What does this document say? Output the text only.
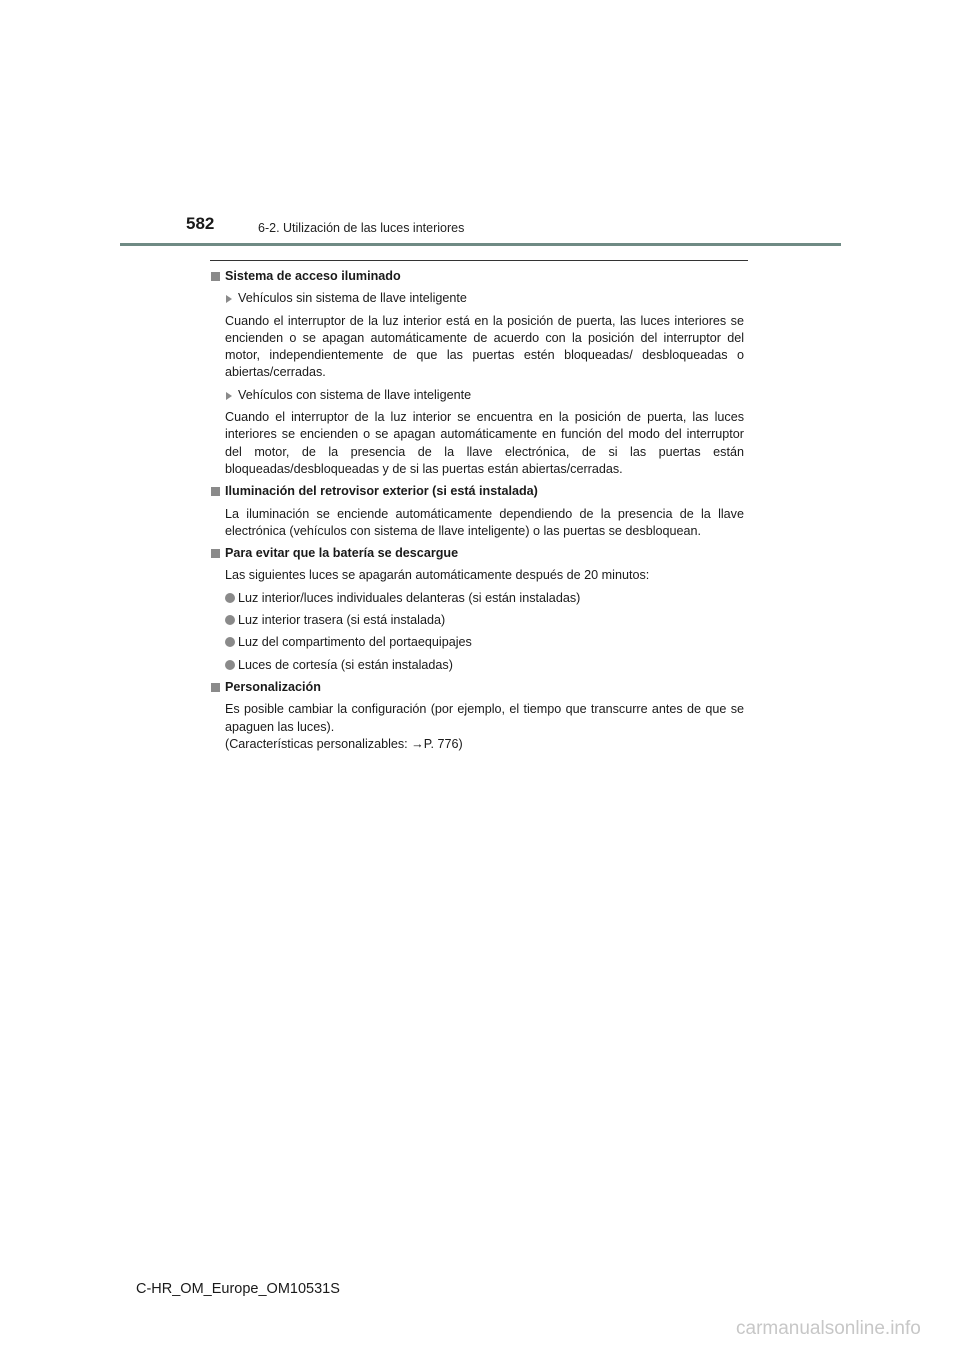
582	6-2. Utilización de las luces interiores
Sistema de acceso iluminado
Vehículos sin sistema de llave inteligente
Cuando el interruptor de la luz interior está en la posición de puerta, las luces interiores se encienden o se apagan automáticamente de acuerdo con la posición del interruptor del motor, independientemente de que las puertas estén bloqueadas/ desbloqueadas o abiertas/cerradas.
Vehículos con sistema de llave inteligente
Cuando el interruptor de la luz interior se encuentra en la posición de puerta, las luces interiores se encienden o se apagan automáticamente en función del modo del interruptor del motor, de la presencia de la llave electrónica, de si las puertas están bloqueadas/desbloqueadas y de si las puertas están abiertas/cerradas.
Iluminación del retrovisor exterior (si está instalada)
La iluminación se enciende automáticamente dependiendo de la presencia de la llave electrónica (vehículos con sistema de llave inteligente) o las puertas se desbloquean.
Para evitar que la batería se descargue
Las siguientes luces se apagarán automáticamente después de 20 minutos:
Luz interior/luces individuales delanteras (si están instaladas)
Luz interior trasera (si está instalada)
Luz del compartimento del portaequipajes
Luces de cortesía (si están instaladas)
Personalización
Es posible cambiar la configuración (por ejemplo, el tiempo que transcurre antes de que se apaguen las luces).
(Características personalizables: →P. 776)
C-HR_OM_Europe_OM10531S
carmanualsonline.info
